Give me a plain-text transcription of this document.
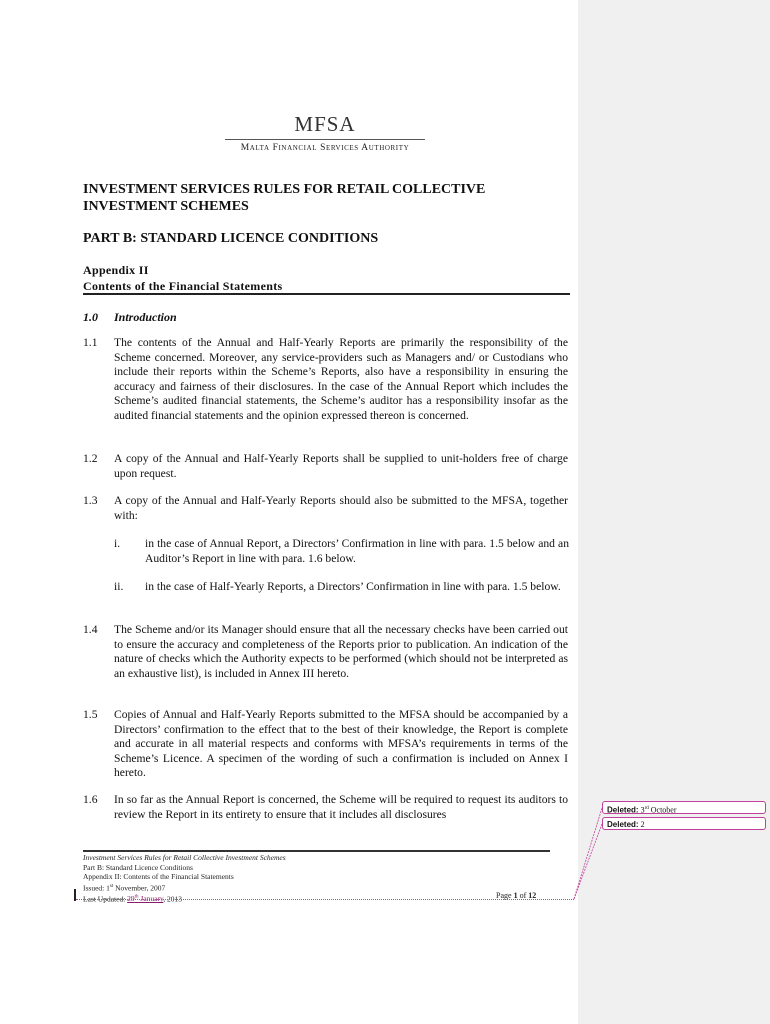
MFSA
Malta Financial Services Authority
INVESTMENT SERVICES RULES FOR RETAIL COLLECTIVE INVESTMENT SCHEMES
PART B: STANDARD LICENCE CONDITIONS
Appendix II
Contents of the Financial Statements
1.0 Introduction
1.1	The contents of the Annual and Half-Yearly Reports are primarily the responsibility of the Scheme concerned. Moreover, any service-providers such as Managers and/ or Custodians who include their reports within the Scheme’s Reports, also have a responsibility in ensuring the accuracy and fairness of their disclosures. In the case of the Annual Report which includes the Scheme’s audited financial statements, the Scheme’s auditor has a responsibility insofar as the audited financial statements and the opinion expressed thereon is concerned.
1.2	A copy of the Annual and Half-Yearly Reports shall be supplied to unit-holders free of charge upon request.
1.3	A copy of the Annual and Half-Yearly Reports should also be submitted to the MFSA, together with:
i.	in the case of Annual Report, a Directors’ Confirmation in line with para. 1.5 below and an Auditor’s Report in line with para. 1.6 below.
ii.	in the case of Half-Yearly Reports, a Directors’ Confirmation in line with para. 1.5 below.
1.4	The Scheme and/or its Manager should ensure that all the necessary checks have been carried out to ensure the accuracy and completeness of the Reports prior to publication. An indication of the nature of checks which the Authority expects to be performed (which should not be interpreted as an exhaustive list), is included in Annex III hereto.
1.5	Copies of Annual and Half-Yearly Reports submitted to the MFSA should be accompanied by a Directors’ confirmation to the effect that to the best of their knowledge, the Report is complete and accurate in all material respects and conforms with MFSA’s requirements in terms of the Scheme’s Licence. A specimen of the wording of such a confirmation is included on Annex I hereto.
1.6	In so far as the Annual Report is concerned, the Scheme will be required to request its auditors to review the Report in its entirety to ensure that it includes all disclosures
Investment Services Rules for Retail Collective Investment Schemes
Part B: Standard Licence Conditions
Appendix II: Contents of the Financial Statements
Issued: 1st November, 2007
Last Updated: 29th January, 2013	Page 1 of 12
Deleted: 3rd October
Deleted: 2
